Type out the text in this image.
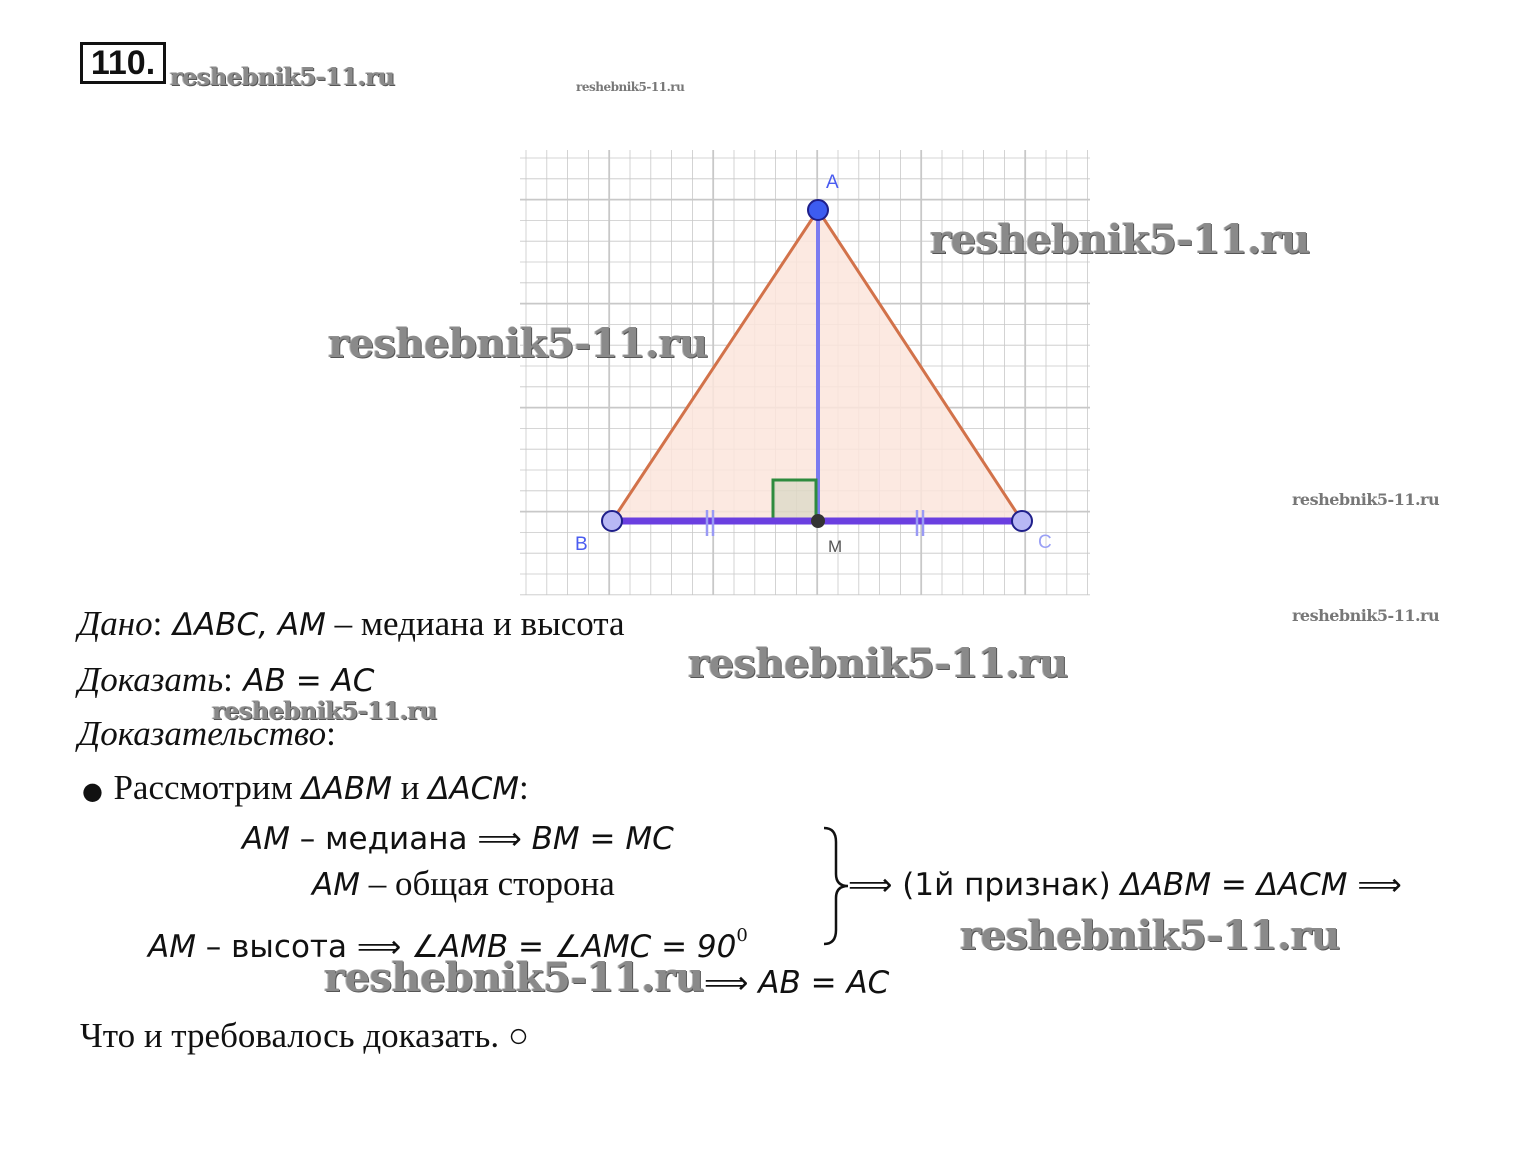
110. reshebnik5-11.ru	reshebnik5-11.ru
A
B	C
M
reshebnik5-11.ru
reshebnik5-11.ru
reshebnik5-11.ru
reshebnik5-11.ru
Дано: ΔABC, AM – медиана и высота
reshebnik5-11.ru
Доказать: AB = AC
reshebnik5-11.ru
Доказательство:
● Рассмотрим ΔABM и ΔACM:
AM – медиана ⟹ BM = MC
AM – общая сторона
AM – высота ⟹ ∠AMB = ∠AMC = $90^0$
⟹ (1й признак) ΔABM = ΔACM ⟹
reshebnik5-11.ru
reshebnik5-11.ru ⟹ AB = AC
Что и требовалось доказать. ○
